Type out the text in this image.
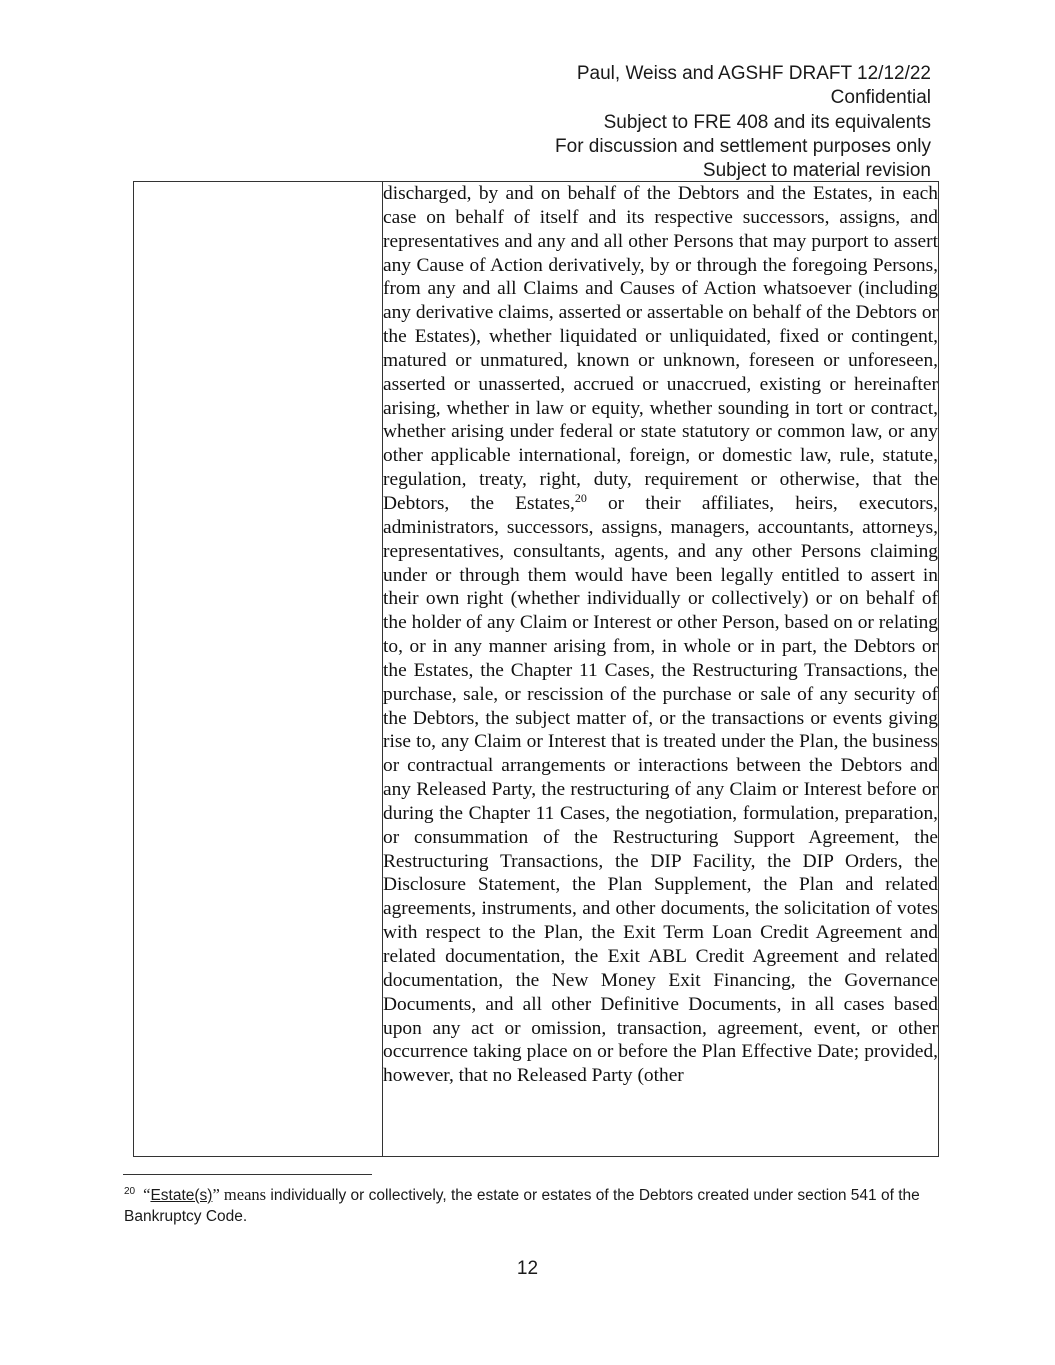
Paul, Weiss and AGSHF DRAFT 12/12/22
Confidential
Subject to FRE 408 and its equivalents
For discussion and settlement purposes only
Subject to material revision

discharged, by and on behalf of the Debtors and the Estates, in each case on behalf of itself and its respective successors, assigns, and representatives and any and all other Persons that may purport to assert any Cause of Action derivatively, by or through the foregoing Persons, from any and all Claims and Causes of Action whatsoever (including any derivative claims, asserted or assertable on behalf of the Debtors or the Estates), whether liquidated or unliquidated, fixed or contingent, matured or unmatured, known or unknown, foreseen or unforeseen, asserted or unasserted, accrued or unaccrued, existing or hereinafter arising, whether in law or equity, whether sounding in tort or contract, whether arising under federal or state statutory or common law, or any other applicable international, foreign, or domestic law, rule, statute, regulation, treaty, right, duty, requirement or otherwise, that the Debtors, the Estates,$^{20}$ or their affiliates, heirs, executors, administrators, successors, assigns, managers, accountants, attorneys, representatives, consultants, agents, and any other Persons claiming under or through them would have been legally entitled to assert in their own right (whether individually or collectively) or on behalf of the holder of any Claim or Interest or other Person, based on or relating to, or in any manner arising from, in whole or in part, the Debtors or the Estates, the Chapter 11 Cases, the Restructuring Transactions, the purchase, sale, or rescission of the purchase or sale of any security of the Debtors, the subject matter of, or the transactions or events giving rise to, any Claim or Interest that is treated under the Plan, the business or contractual arrangements or interactions between the Debtors and any Released Party, the restructuring of any Claim or Interest before or during the Chapter 11 Cases, the negotiation, formulation, preparation, or consummation of the Restructuring Support Agreement, the Restructuring Transactions, the DIP Facility, the DIP Orders, the Disclosure Statement, the Plan Supplement, the Plan and related agreements, instruments, and other documents, the solicitation of votes with respect to the Plan, the Exit Term Loan Credit Agreement and related documentation, the Exit ABL Credit Agreement and related documentation, the New Money Exit Financing, the Governance Documents, and all other Definitive Documents, in all cases based upon any act or omission, transaction, agreement, event, or other occurrence taking place on or before the Plan Effective Date; provided, however, that no Released Party (other

$^{20}$ “Estate(s)” means individually or collectively, the estate or estates of the Debtors created under section 541 of the Bankruptcy Code.
12
